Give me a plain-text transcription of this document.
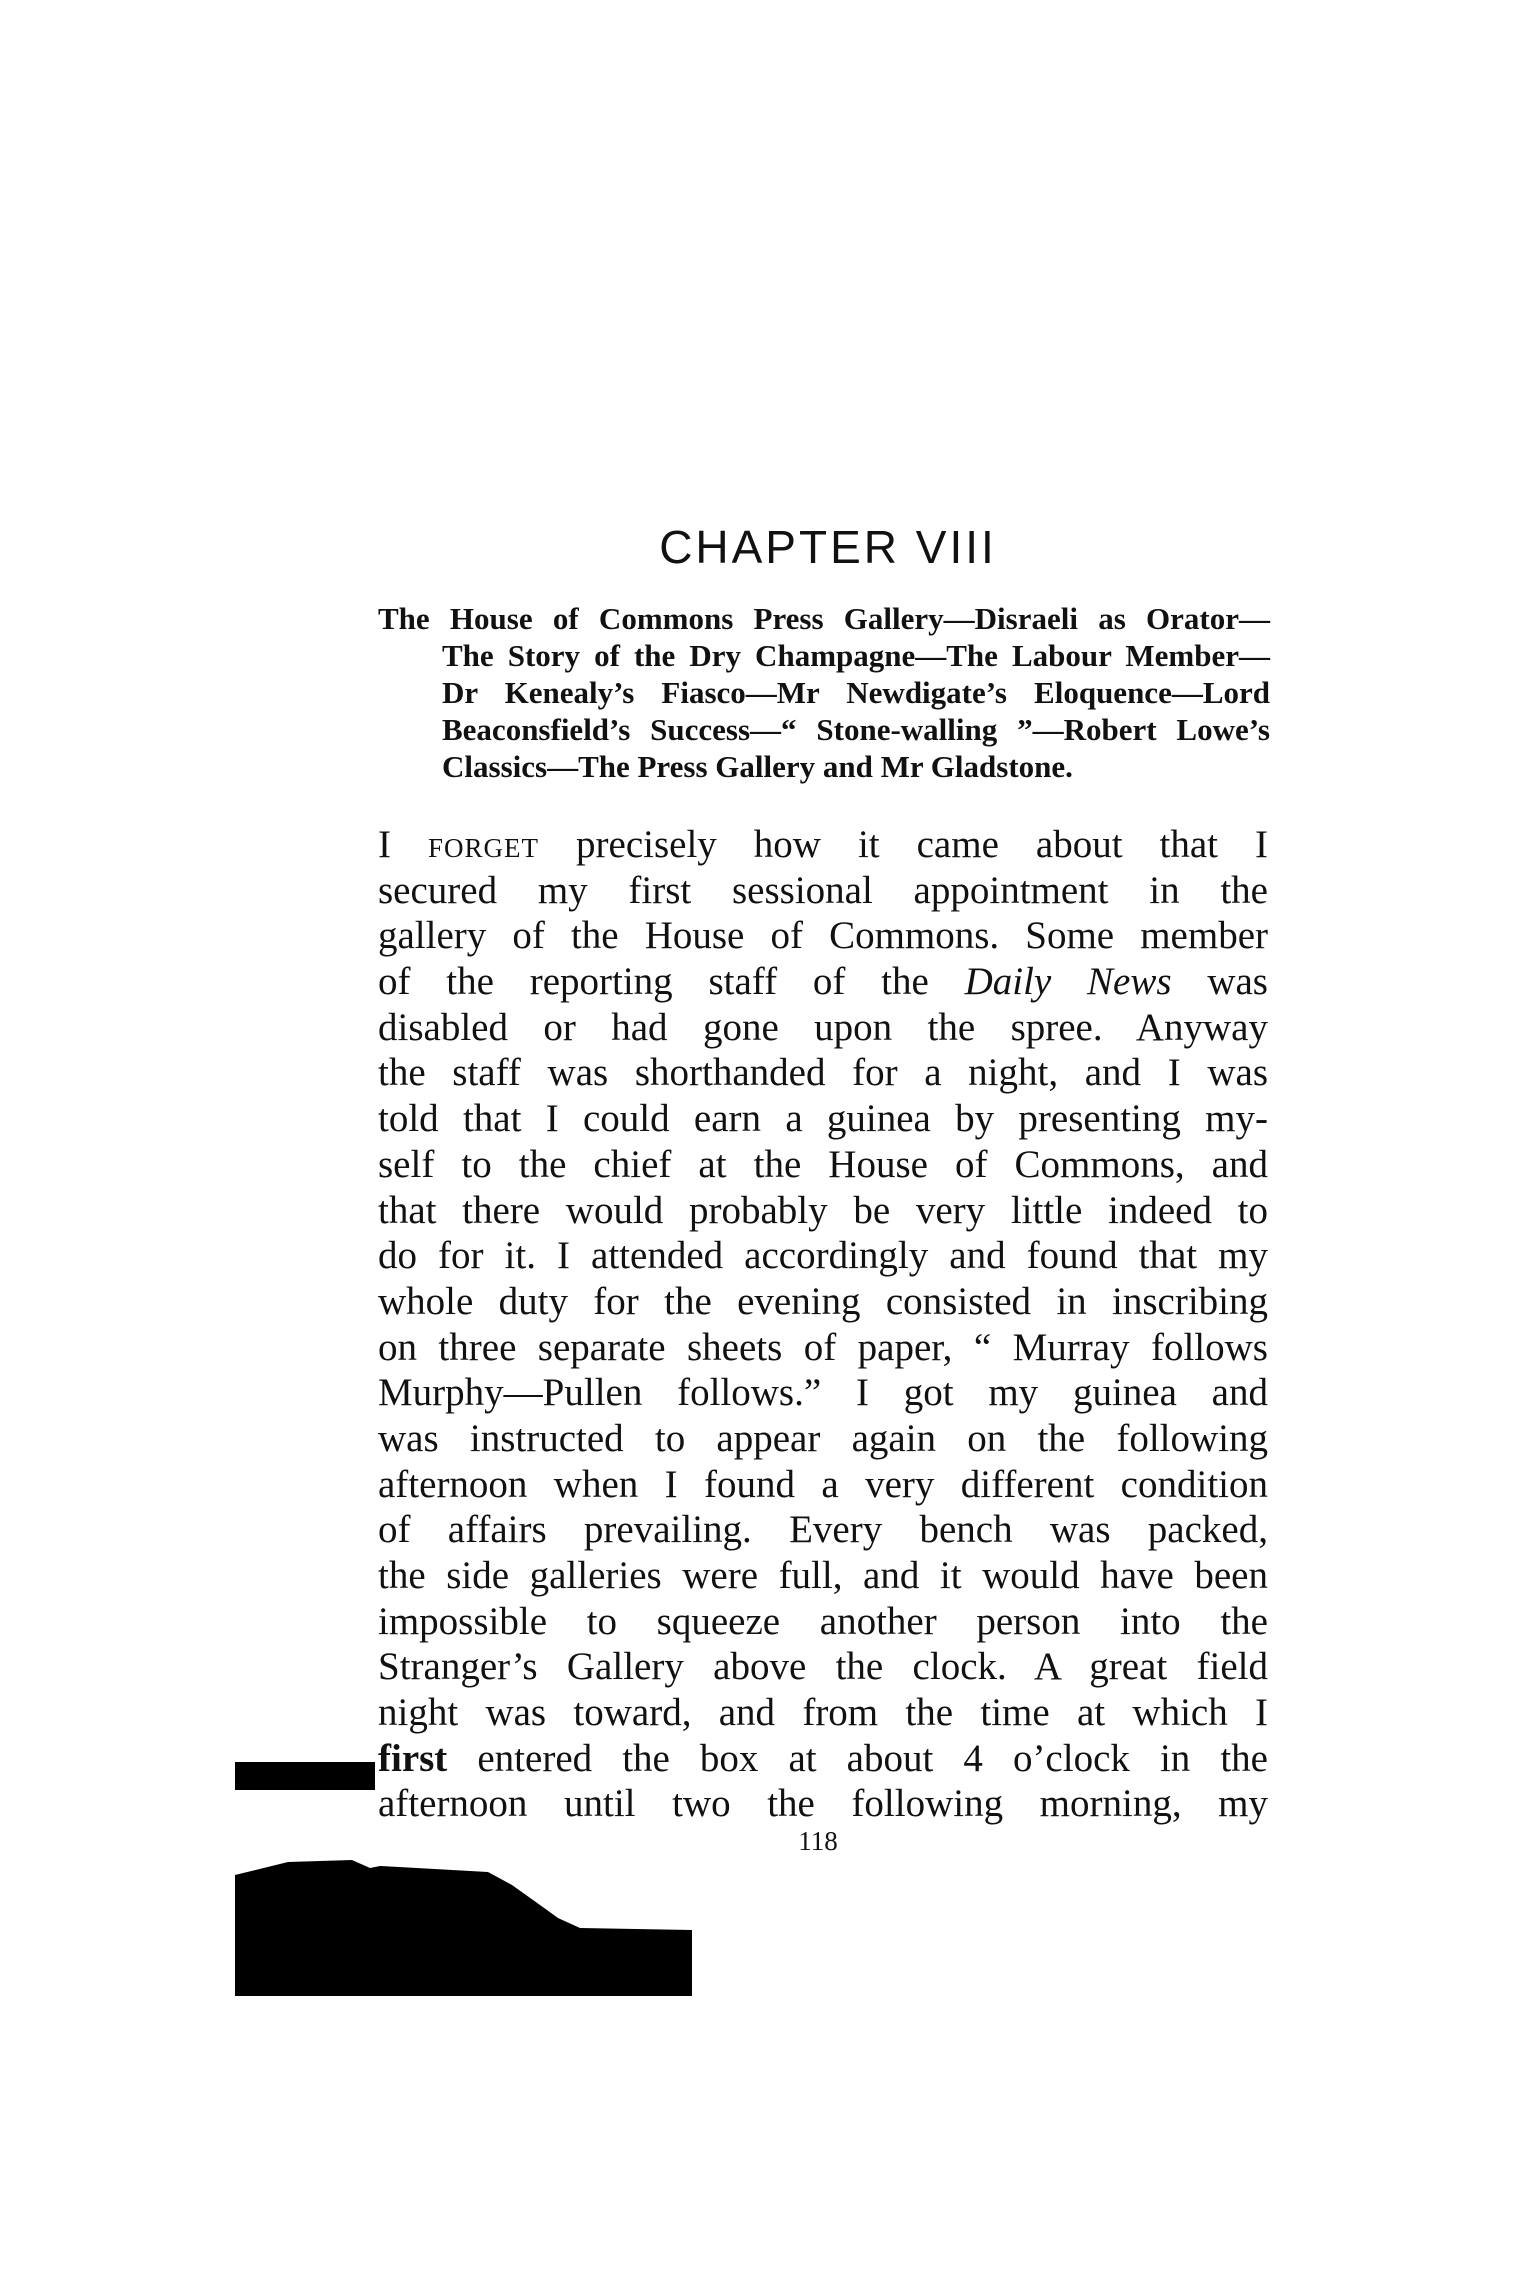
CHAPTER VIII
The House of Commons Press Gallery—Disraeli as Orator—
The Story of the Dry Champagne—The Labour Member—
Dr Kenealy’s Fiasco—Mr Newdigate’s Eloquence—Lord
Beaconsfield’s Success—“ Stone-walling ”—Robert Lowe’s
Classics—The Press Gallery and Mr Gladstone.
I forget precisely how it came about that I
secured my first sessional appointment in the
gallery of the House of Commons. Some member
of the reporting staff of the Daily News was
disabled or had gone upon the spree. Anyway
the staff was shorthanded for a night, and I was
told that I could earn a guinea by presenting my-
self to the chief at the House of Commons, and
that there would probably be very little indeed to
do for it. I attended accordingly and found that my
whole duty for the evening consisted in inscribing
on three separate sheets of paper, “ Murray follows
Murphy—Pullen follows.” I got my guinea and
was instructed to appear again on the following
afternoon when I found a very different condition
of affairs prevailing. Every bench was packed,
the side galleries were full, and it would have been
impossible to squeeze another person into the
Stranger’s Gallery above the clock. A great field
night was toward, and from the time at which I
first entered the box at about 4 o’clock in the
afternoon until two the following morning, my
118
